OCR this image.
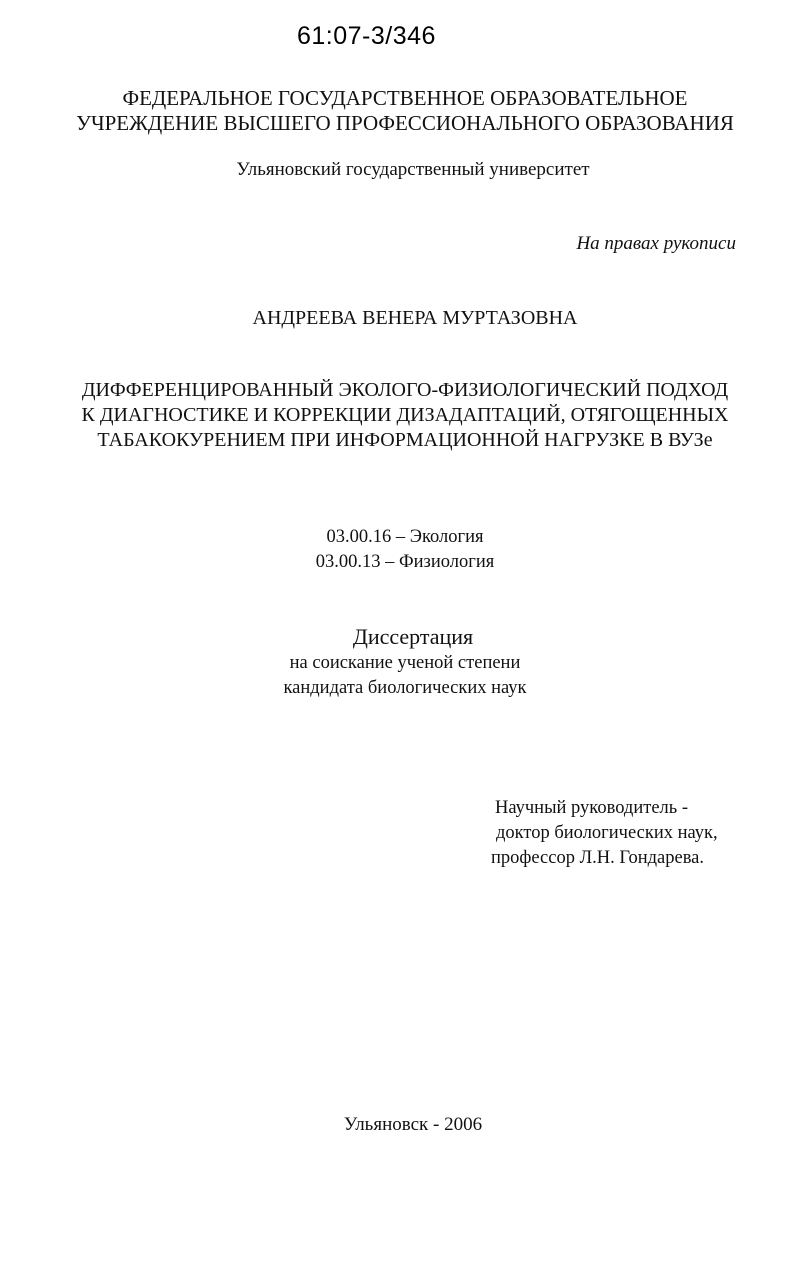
61:07-3/346
ФЕДЕРАЛЬНОЕ ГОСУДАРСТВЕННОЕ ОБРАЗОВАТЕЛЬНОЕ
УЧРЕЖДЕНИЕ ВЫСШЕГО ПРОФЕССИОНАЛЬНОГО ОБРАЗОВАНИЯ
Ульяновский государственный университет
На правах рукописи
АНДРЕЕВА ВЕНЕРА МУРТАЗОВНА
ДИФФЕРЕНЦИРОВАННЫЙ ЭКОЛОГО-ФИЗИОЛОГИЧЕСКИЙ ПОДХОД
К ДИАГНОСТИКЕ И КОРРЕКЦИИ ДИЗАДАПТАЦИЙ, ОТЯГОЩЕННЫХ
ТАБАКОКУРЕНИЕМ ПРИ ИНФОРМАЦИОННОЙ НАГРУЗКЕ В ВУЗе
03.00.16 – Экология
03.00.13 – Физиология
Диссертация
на соискание ученой степени
кандидата биологических наук
Научный руководитель -
доктор биологических наук,
профессор Л.Н. Гондарева.
Ульяновск - 2006
